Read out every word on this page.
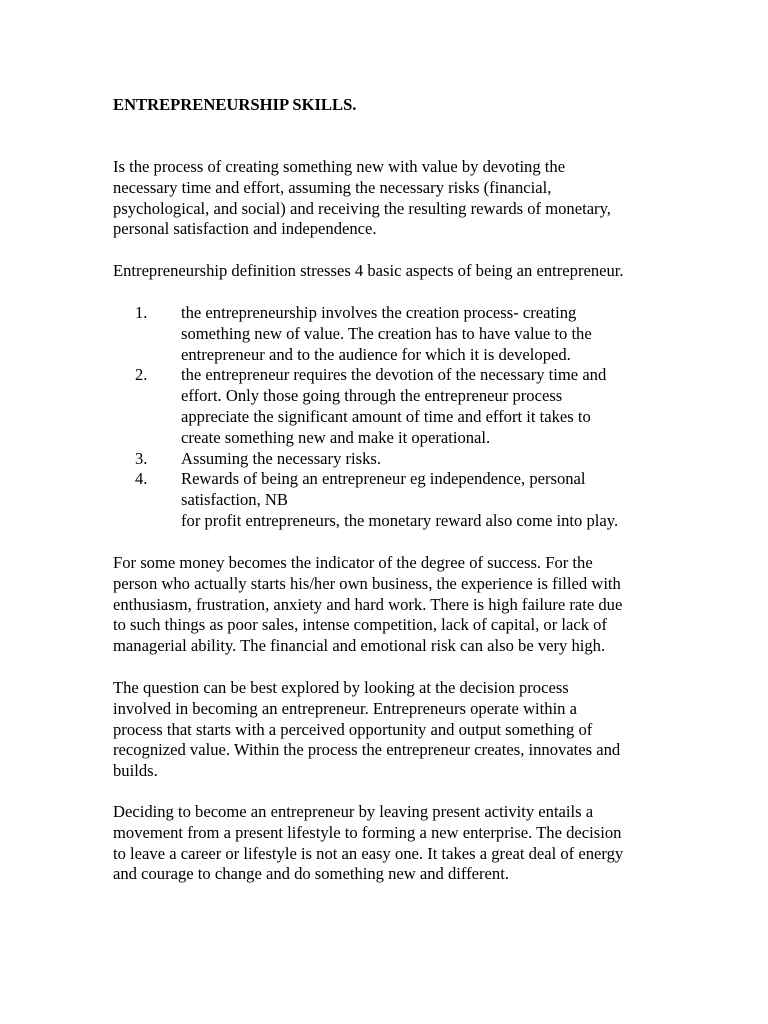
ENTREPRENEURSHIP SKILLS.

Is the process of creating something new with value by devoting the
necessary time and effort, assuming the necessary risks (financial,
psychological, and social) and receiving the resulting rewards of monetary,
personal satisfaction and independence.

Entrepreneurship definition stresses 4 basic aspects of being an entrepreneur.

1. the entrepreneurship involves the creation process- creating
something new of value. The creation has to have value to the
entrepreneur and to the audience for which it is developed.
2. the entrepreneur requires the devotion of the necessary time and
effort. Only those going through the entrepreneur process
appreciate the significant amount of time and effort it takes to
create something new and make it operational.
3. Assuming the necessary risks.
4. Rewards of being an entrepreneur eg independence, personal
satisfaction, NB
for profit entrepreneurs, the monetary reward also come into play.

For some money becomes the indicator of the degree of success. For the
person who actually starts his/her own business, the experience is filled with
enthusiasm, frustration, anxiety and hard work. There is high failure rate due
to such things as poor sales, intense competition, lack of capital, or lack of
managerial ability. The financial and emotional risk can also be very high.

The question can be best explored by looking at the decision process
involved in becoming an entrepreneur. Entrepreneurs operate within a
process that starts with a perceived opportunity and output something of
recognized value. Within the process the entrepreneur creates, innovates and
builds.

Deciding to become an entrepreneur by leaving present activity entails a
movement from a present lifestyle to forming a new enterprise. The decision
to leave a career or lifestyle is not an easy one. It takes a great deal of energy
and courage to change and do something new and different.
